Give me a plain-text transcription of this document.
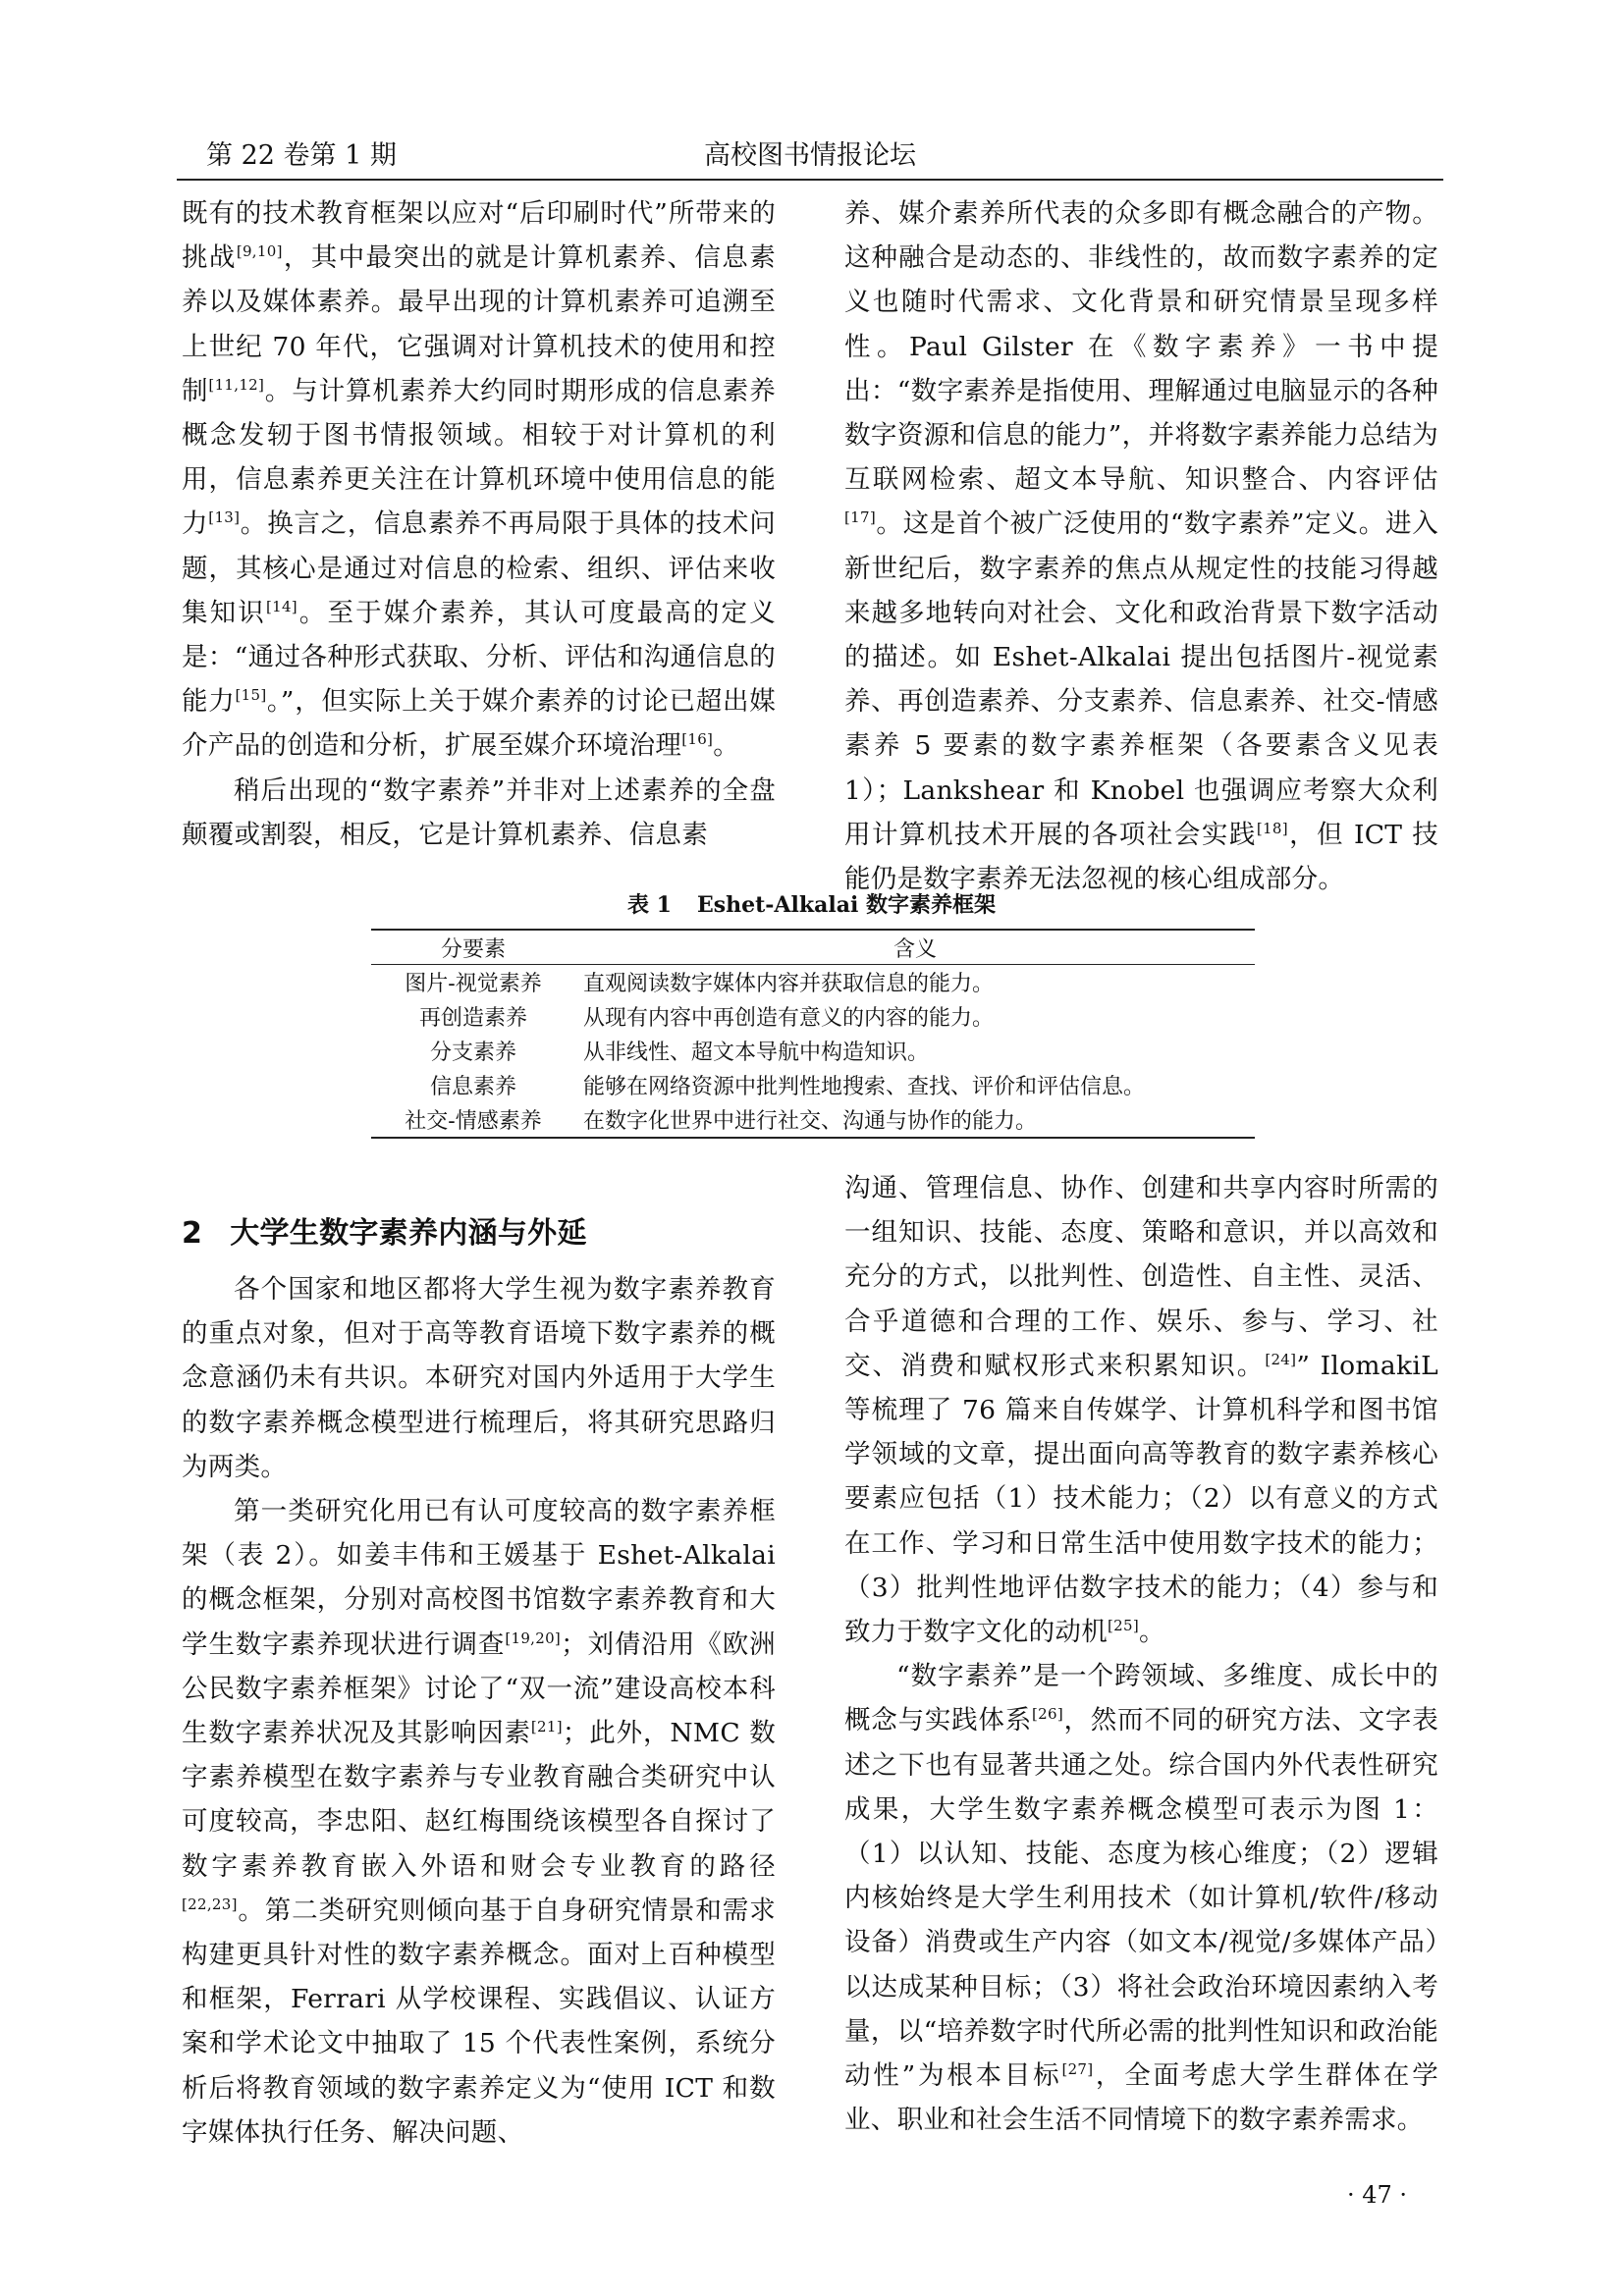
第 22 卷第 1 期	高校图书情报论坛

既有的技术教育框架以应对“后印刷时代”所带来的挑战[9,10]，其中最突出的就是计算机素养、信息素养以及媒体素养。最早出现的计算机素养可追溯至上世纪 70 年代，它强调对计算机技术的使用和控制[11,12]。与计算机素养大约同时期形成的信息素养概念发轫于图书情报领域。相较于对计算机的利用，信息素养更关注在计算机环境中使用信息的能力[13]。换言之，信息素养不再局限于具体的技术问题，其核心是通过对信息的检索、组织、评估来收集知识[14]。至于媒介素养，其认可度最高的定义是：“通过各种形式获取、分析、评估和沟通信息的能力[15]。”，但实际上关于媒介素养的讨论已超出媒介产品的创造和分析，扩展至媒介环境治理[16]。

稍后出现的“数字素养”并非对上述素养的全盘颠覆或割裂，相反，它是计算机素养、信息素

养、媒介素养所代表的众多即有概念融合的产物。这种融合是动态的、非线性的，故而数字素养的定义也随时代需求、文化背景和研究情景呈现多样性。Paul Gilster 在《数字素养》一书中提出：“数字素养是指使用、理解通过电脑显示的各种数字资源和信息的能力”，并将数字素养能力总结为互联网检索、超文本导航、知识整合、内容评估[17]。这是首个被广泛使用的“数字素养”定义。进入新世纪后，数字素养的焦点从规定性的技能习得越来越多地转向对社会、文化和政治背景下数字活动的描述。如 Eshet-Alkalai 提出包括图片-视觉素养、再创造素养、分支素养、信息素养、社交-情感素养 5 要素的数字素养框架（各要素含义见表 1）；Lankshear 和 Knobel 也强调应考察大众利用计算机技术开展的各项社会实践[18]，但 ICT 技能仍是数字素养无法忽视的核心组成部分。

表 1 Eshet-Alkalai 数字素养框架
分要素	含义
图片-视觉素养	直观阅读数字媒体内容并获取信息的能力。
再创造素养	从现有内容中再创造有意义的内容的能力。
分支素养	从非线性、超文本导航中构造知识。
信息素养	能够在网络资源中批判性地搜索、查找、评价和评估信息。
社交-情感素养	在数字化世界中进行社交、沟通与协作的能力。
2 大学生数字素养内涵与外延

各个国家和地区都将大学生视为数字素养教育的重点对象，但对于高等教育语境下数字素养的概念意涵仍未有共识。本研究对国内外适用于大学生的数字素养概念模型进行梳理后，将其研究思路归为两类。

第一类研究化用已有认可度较高的数字素养框架（表 2）。如姜丰伟和王媛基于 Eshet-Alkalai 的概念框架，分别对高校图书馆数字素养教育和大学生数字素养现状进行调查[19,20]；刘倩沿用《欧洲公民数字素养框架》讨论了“双一流”建设高校本科生数字素养状况及其影响因素[21]；此外，NMC 数字素养模型在数字素养与专业教育融合类研究中认可度较高，李忠阳、赵红梅围绕该模型各自探讨了数字素养教育嵌入外语和财会专业教育的路径[22,23]。第二类研究则倾向基于自身研究情景和需求构建更具针对性的数字素养概念。面对上百种模型和框架，Ferrari 从学校课程、实践倡议、认证方案和学术论文中抽取了 15 个代表性案例，系统分析后将教育领域的数字素养定义为“使用 ICT 和数字媒体执行任务、解决问题、

沟通、管理信息、协作、创建和共享内容时所需的一组知识、技能、态度、策略和意识，并以高效和充分的方式，以批判性、创造性、自主性、灵活、合乎道德和合理的工作、娱乐、参与、学习、社交、消费和赋权形式来积累知识。[24]” IlomakiL 等梳理了 76 篇来自传媒学、计算机科学和图书馆学领域的文章，提出面向高等教育的数字素养核心要素应包括（1）技术能力；（2）以有意义的方式在工作、学习和日常生活中使用数字技术的能力；（3）批判性地评估数字技术的能力；（4）参与和致力于数字文化的动机[25]。

“数字素养”是一个跨领域、多维度、成长中的概念与实践体系[26]，然而不同的研究方法、文字表述之下也有显著共通之处。综合国内外代表性研究成果，大学生数字素养概念模型可表示为图 1：（1）以认知、技能、态度为核心维度；（2）逻辑内核始终是大学生利用技术（如计算机/软件/移动设备）消费或生产内容（如文本/视觉/多媒体产品）以达成某种目标；（3）将社会政治环境因素纳入考量，以“培养数字时代所必需的批判性知识和政治能动性”为根本目标[27]，全面考虑大学生群体在学业、职业和社会生活不同情境下的数字素养需求。

· 47 ·
